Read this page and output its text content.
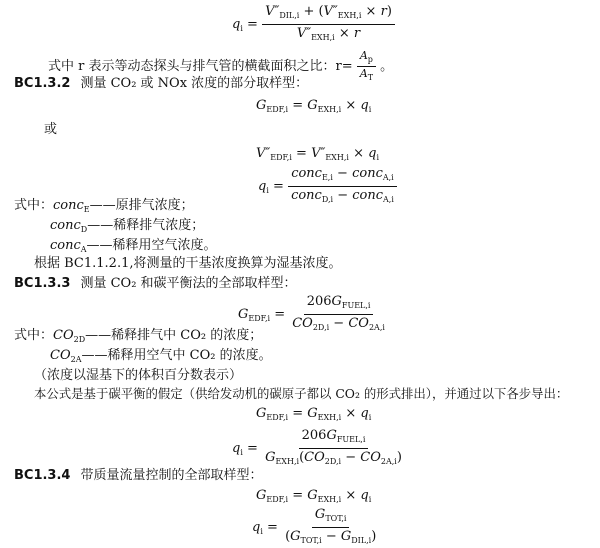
$q_i = \frac{V''_{DIL,i} + (V''_{EXH,i} \times r)}{V''_{EXH,i} \times r}$
式中 r 表示等动态探头与排气管的横截面积之比：$r= \frac{A_p}{A_T}$ 。
BC1.3.2 测量 CO₂ 或 NOx 浓度的部分取样型：
$G_{EDF,i} = G_{EXH,i} \times q_i$
或
$V''_{EDF,i} = V''_{EXH,i} \times q_i$
$q_i = \frac{conc_{E,i} - conc_{A,i}}{conc_{D,i} - conc_{A,i}}$
式中：conc$_E$——原排气浓度；
conc$_D$——稀释排气浓度；
conc$_A$——稀释用空气浓度。
根据 BC1.1.2.1,将测量的干基浓度换算为湿基浓度。
BC1.3.3 测量 CO₂ 和碳平衡法的全部取样型：
$G_{EDF,i} = \frac{206G_{FUEL,i}}{CO_{2D,i} - CO_{2A,i}}$
式中：$CO_{2D}——$稀释排气中 CO₂ 的浓度；
$CO_{2A}——$稀释用空气中 CO₂ 的浓度。
（浓度以湿基下的体积百分数表示）
本公式是基于碳平衡的假定（供给发动机的碳原子都以 CO₂ 的形式排出），并通过以下各步导出：
$G_{EDF,i} = G_{EXH,i} \times q_i$
$q_i = \frac{206G_{FUEL,i}}{G_{EXH,i}(CO_{2D,i} - CO_{2A,i})}$
BC1.3.4 带质量流量控制的全部取样型：
$G_{EDF,i} = G_{EXH,i} \times q_i$
$q_i = \frac{G_{TOT,i}}{(G_{TOT,i} - G_{DIL,i})}$
